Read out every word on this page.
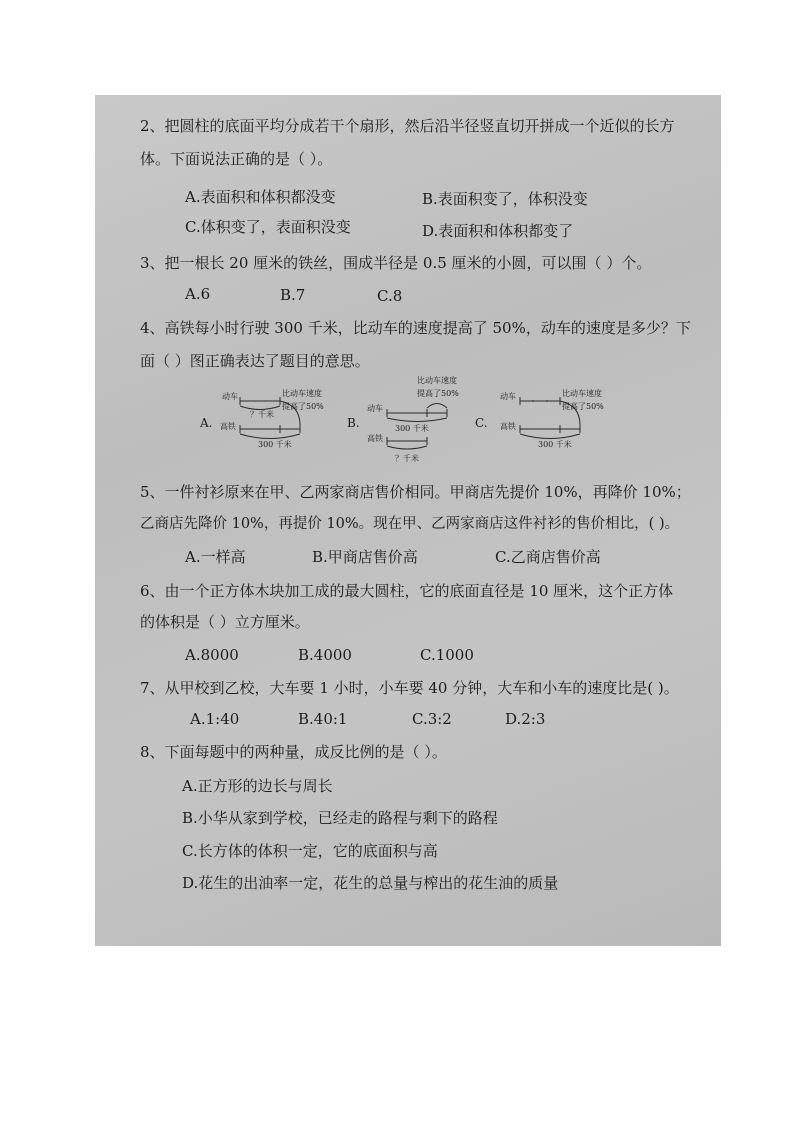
2、把圆柱的底面平均分成若干个扇形，然后沿半径竖直切开拼成一个近似的长方
体。下面说法正确的是（ ）。
A.表面积和体积都没变	B.表面积变了，体积没变
C.体积变了，表面积没变	D.表面积和体积都变了
3、把一根长 20 厘米的铁丝，围成半径是 0.5 厘米的小圆，可以围（ ）个。
A.6	B.7	C.8
4、高铁每小时行驶 300 千米，比动车的速度提高了 50%，动车的速度是多少？下
面（ ）图正确表达了题目的意思。
A.
动车	比动车速度
提高了50%
？千米
高铁
300 千米
B.
比动车速度
提高了50%
动车
300 千米
高铁
？千米
C.
动车	比动车速度
提高了50%
高铁
300 千米
5、一件衬衫原来在甲、乙两家商店售价相同。甲商店先提价 10%，再降价 10%；
乙商店先降价 10%，再提价 10%。现在甲、乙两家商店这件衬衫的售价相比，( )。
A.一样高	B.甲商店售价高	C.乙商店售价高
6、由一个正方体木块加工成的最大圆柱，它的底面直径是 10 厘米，这个正方体
的体积是（ ）立方厘米。
A.8000	B.4000	C.1000
7、从甲校到乙校，大车要 1 小时，小车要 40 分钟，大车和小车的速度比是( )。
A.1:40	B.40:1	C.3:2	D.2:3
8、下面每题中的两种量，成反比例的是（ ）。
A.正方形的边长与周长
B.小华从家到学校，已经走的路程与剩下的路程
C.长方体的体积一定，它的底面积与高
D.花生的出油率一定，花生的总量与榨出的花生油的质量
